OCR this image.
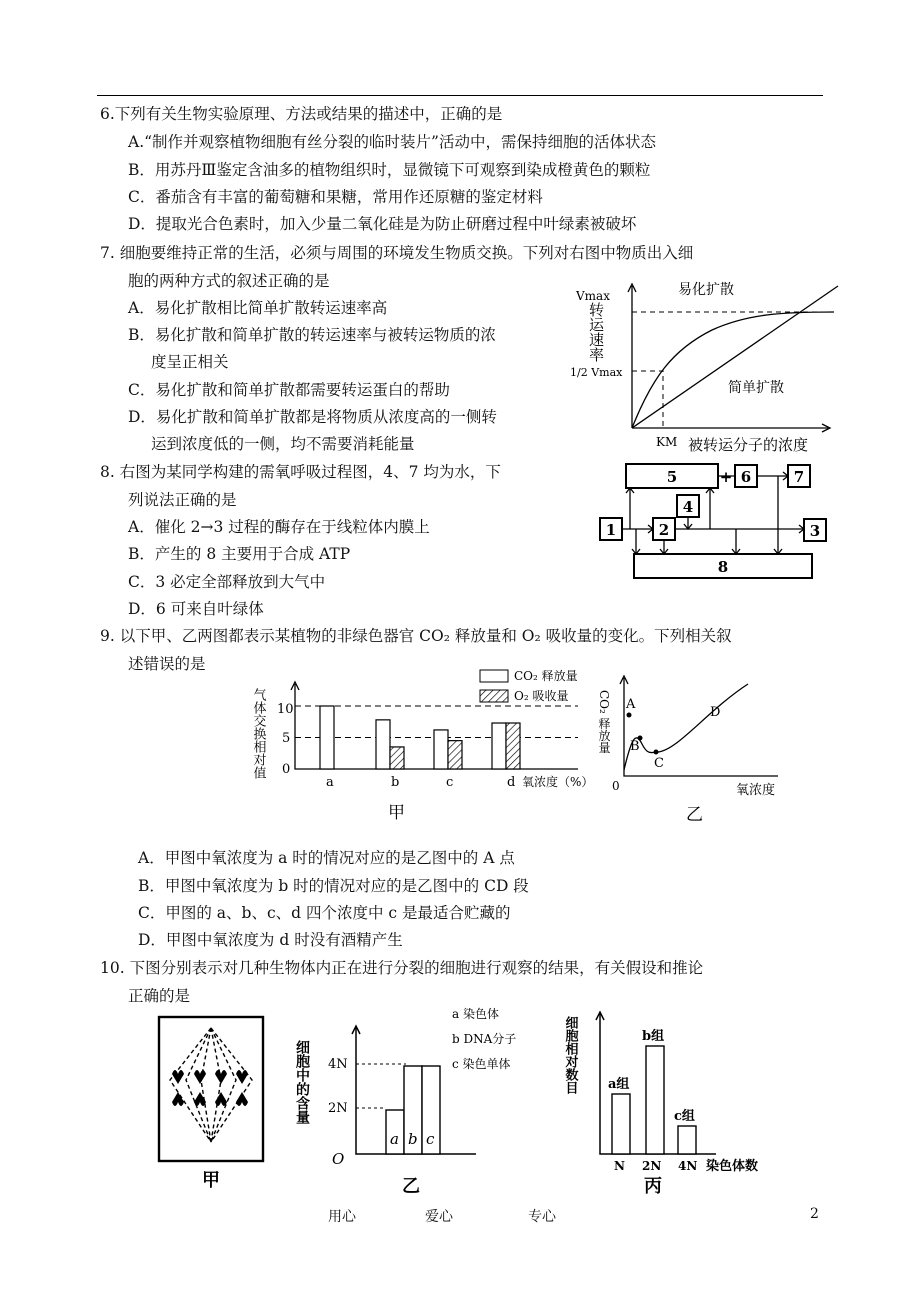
6.下列有关生物实验原理、方法或结果的描述中，正确的是
A.“制作并观察植物细胞有丝分裂的临时装片”活动中，需保持细胞的活体状态
B．用苏丹Ⅲ鉴定含油多的植物组织时，显微镜下可观察到染成橙黄色的颗粒
C．番茄含有丰富的葡萄糖和果糖，常用作还原糖的鉴定材料
D．提取光合色素时，加入少量二氧化硅是为防止研磨过程中叶绿素被破坏
7. 细胞要维持正常的生活，必须与周围的环境发生物质交换。下列对右图中物质出入细
胞的两种方式的叙述正确的是
A．易化扩散相比简单扩散转运速率高
B．易化扩散和简单扩散的转运速率与被转运物质的浓
度呈正相关
C．易化扩散和简单扩散都需要转运蛋白的帮助
D．易化扩散和简单扩散都是将物质从浓度高的一侧转
运到浓度低的一侧，均不需要消耗能量
Vmax
1/2 Vmax
KM 被转运分子的浓度
易化扩散
简单扩散
转运速率
8. 右图为某同学构建的需氧呼吸过程图，4、7 均为水，下
列说法正确的是
A．催化 2→3 过程的酶存在于线粒体内膜上
B．产生的 8 主要用于合成 ATP
C．3 必定全部释放到大气中
D．6 可来自叶绿体
5	6	7
4
1	2	3
8
+
9. 以下甲、乙两图都表示某植物的非绿色器官 CO₂ 释放量和 O₂ 吸收量的变化。下列相关叙
述错误的是
气体交换相对值 10
5
0
a	b	c	d 氧浓度（%）
CO₂ 释放量
O₂ 吸收量
甲
A
B
C
D
0	氧浓度
CO₂ 释放量
乙
A．甲图中氧浓度为 a 时的情况对应的是乙图中的 A 点
B．甲图中氧浓度为 b 时的情况对应的是乙图中的 CD 段
C．甲图的 a、b、c、d 四个浓度中 c 是最适合贮藏的
D．甲图中氧浓度为 d 时没有酒精产生
10. 下图分别表示对几种生物体内正在进行分裂的细胞进行观察的结果，有关假设和推论
正确的是
甲
a b c
细胞中的含量 2N
4N
O
a 染色体
b DNA分子
c 染色单体
乙
a组
b组
c组
细胞相对数目
N 2N 4N 染色体数
丙
用心	爱心	专心	2
